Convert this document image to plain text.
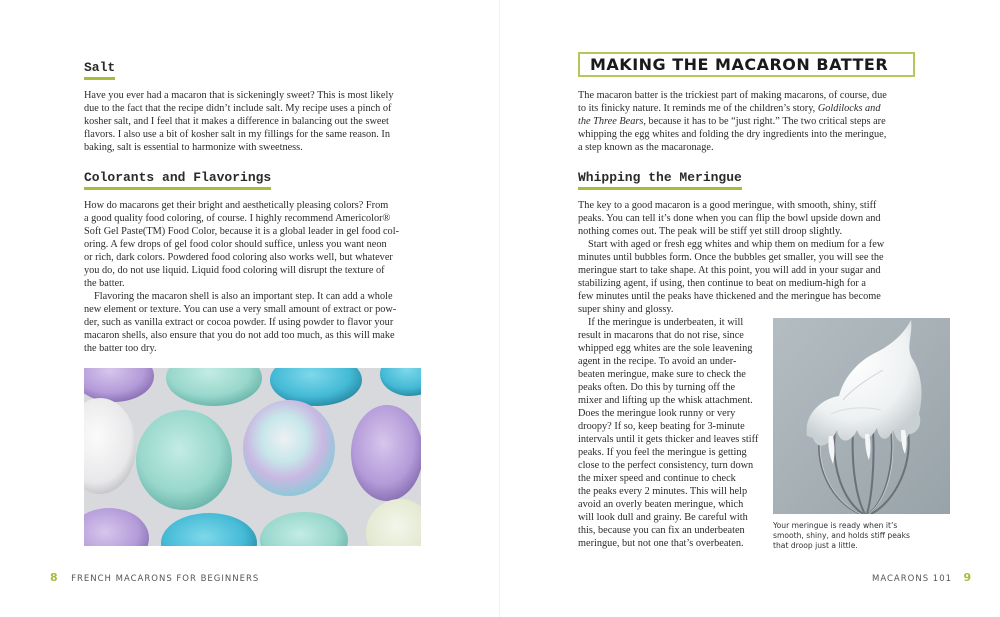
Salt
Have you ever had a macaron that is sickeningly sweet? This is most likely
due to the fact that the recipe didn’t include salt. My recipe uses a pinch of
kosher salt, and I feel that it makes a difference in balancing out the sweet
flavors. I also use a bit of kosher salt in my fillings for the same reason. In
baking, salt is essential to harmonize with sweetness.
Colorants and Flavorings
How do macarons get their bright and aesthetically pleasing colors? From
a good quality food coloring, of course. I highly recommend Americolor®
Soft Gel Paste(TM) Food Color, because it is a global leader in gel food col-
oring. A few drops of gel food color should suffice, unless you want neon
or rich, dark colors. Powdered food coloring also works well, but whatever
you do, do not use liquid. Liquid food coloring will disrupt the texture of
the batter.
Flavoring the macaron shell is also an important step. It can add a whole
new element or texture. You can use a very small amount of extract or pow-
der, such as vanilla extract or cocoa powder. If using powder to flavor your
macaron shells, also ensure that you do not add too much, as this will make
the batter too dry.
8 FRENCH MACARONS FOR BEGINNERS
MAKING THE MACARON BATTER
The macaron batter is the trickiest part of making macarons, of course, due
to its finicky nature. It reminds me of the children’s story, Goldilocks and
the Three Bears, because it has to be “just right.” The two critical steps are
whipping the egg whites and folding the dry ingredients into the meringue,
a step known as the macaronage.
Whipping the Meringue
The key to a good macaron is a good meringue, with smooth, shiny, stiff
peaks. You can tell it’s done when you can flip the bowl upside down and
nothing comes out. The peak will be stiff yet still droop slightly.
Start with aged or fresh egg whites and whip them on medium for a few
minutes until bubbles form. Once the bubbles get smaller, you will see the
meringue start to take shape. At this point, you will add in your sugar and
stabilizing agent, if using, then continue to beat on medium-high for a
few minutes until the peaks have thickened and the meringue has become
super shiny and glossy.
If the meringue is underbeaten, it will
result in macarons that do not rise, since
whipped egg whites are the sole leavening
agent in the recipe. To avoid an under-
beaten meringue, make sure to check the
peaks often. Do this by turning off the
mixer and lifting up the whisk attachment.
Does the meringue look runny or very
droopy? If so, keep beating for 3-minute
intervals until it gets thicker and leaves stiff
peaks. If you feel the meringue is getting
close to the perfect consistency, turn down
the mixer speed and continue to check
the peaks every 2 minutes. This will help
avoid an overly beaten meringue, which
will look dull and grainy. Be careful with
this, because you can fix an underbeaten
meringue, but not one that’s overbeaten.
Your meringue is ready when it’s
smooth, shiny, and holds stiff peaks
that droop just a little.
MACARONS 101 9
